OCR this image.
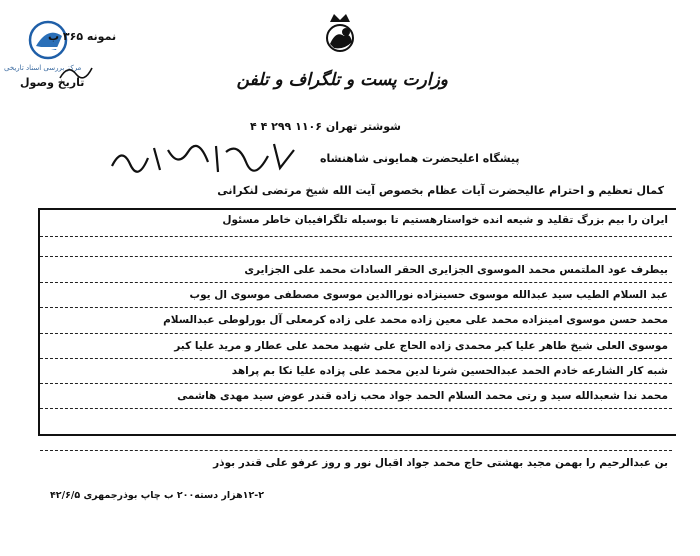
مرکز بررسی اسناد تاریخی
نمونه ۳۶۵ ب
تاریخ وصول	وزارت پست و تلگراف و تلفن
شوشتر تهران ۱۱۰۶ ۲۹۹ ۴ ۴
پیشگاه اعلیحضرت همایونی شاهنشاه
کمال تعظیم و احترام عالیحضرت آیات عظام بخصوص آیت الله شیخ مرتضی لنکرانی
ایران را بیم بزرگ تقلید و شیعه انده خواستارهستیم تا بوسیله تلگرافیبان خاطر مسئول
بیطرف عود الملتمس محمد الموسوی الجزایری الحقر السادات محمد علی الجزایری
عبد السلام الطیب سید عبدالله موسوی حسینزاده نوراالدین موسوی مصطفی موسوی ال یوب
محمد حسن موسوی امینزاده محمد علی معین زاده محمد علی زاده کرمعلی آل بورلوطی عبدالسلام
موسوی العلی شیخ طاهر علیا کبر محمدی زاده الحاج علی شهید محمد علی عطار و مرید علیا کبر
شبه کار الشارعه خادم الحمد عبدالحسین شرنا لدین محمد علی پزاده علیا نکا بم پراهد
محمد ندا شعبدالله سید و رتی محمد السلام الحمد جواد محب زاده قندر عوض سید مهدی هاشمی
بن عبدالرحیم را بهمن مجید بهشتی حاج محمد جواد اقبال نور و روز عرفو علی قندر بوذر
۱۲-۲هزار دسته۲۰۰ ب چاپ بوذرجمهری ۴۲/۶/۵
